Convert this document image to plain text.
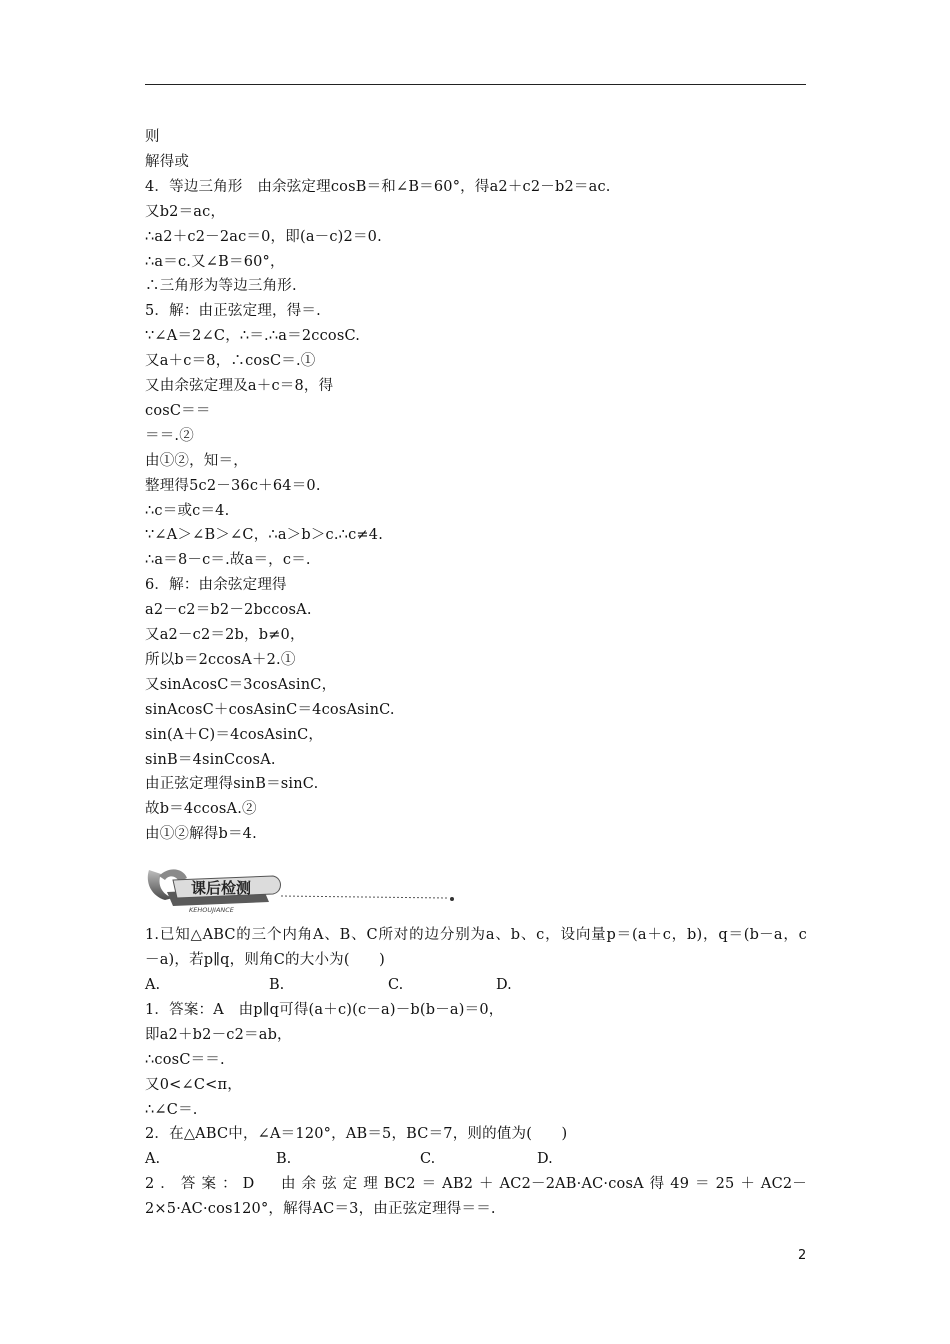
则
解得或
4．等边三角形　由余弦定理cosB＝和∠B＝60°，得a2＋c2－b2＝ac.
又b2＝ac，
∴a2＋c2－2ac＝0，即(a－c)2＝0.
∴a＝c.又∠B＝60°，
∴三角形为等边三角形.
5．解：由正弦定理，得＝.
∵∠A＝2∠C，∴＝.∴a＝2ccosC.
又a＋c＝8，∴cosC＝.①
又由余弦定理及a＋c＝8，得
cosC＝＝
＝＝.②
由①②，知＝，
整理得5c2－36c＋64＝0.
∴c＝或c＝4.
∵∠A＞∠B＞∠C，∴a＞b＞c.∴c≠4.
∴a＝8－c＝.故a＝，c＝.
6．解：由余弦定理得
a2－c2＝b2－2bccosA.
又a2－c2＝2b，b≠0，
所以b＝2ccosA＋2.①
又sinAcosC＝3cosAsinC，
sinAcosC＋cosAsinC＝4cosAsinC.
sin(A＋C)＝4cosAsinC，
sinB＝4sinCcosA.
由正弦定理得sinB＝sinC.
故b＝4ccosA.②
由①②解得b＝4.
课后检测
KEHOUJIANCE
1.已知△ABC的三个内角A、B、C所对的边分别为a、b、c，设向量p＝(a＋c，b)，q＝(b－a，c
－a)，若p∥q，则角C的大小为(　　)
A.	B.	C.	D.
1．答案：A　由p∥q可得(a＋c)(c－a)－b(b－a)＝0，
即a2＋b2－c2＝ab，
∴cosC＝＝.
又0<∠C<π，
∴∠C＝.
2．在△ABC中，∠A＝120°，AB＝5，BC＝7，则的值为(　　)
A.	B.	C.	D.
2．答案：D　由余弦定理BC2＝AB2＋AC2－2AB·AC·cosA得49＝25＋AC2－
2×5·AC·cos120°，解得AC＝3，由正弦定理得＝＝.
2
